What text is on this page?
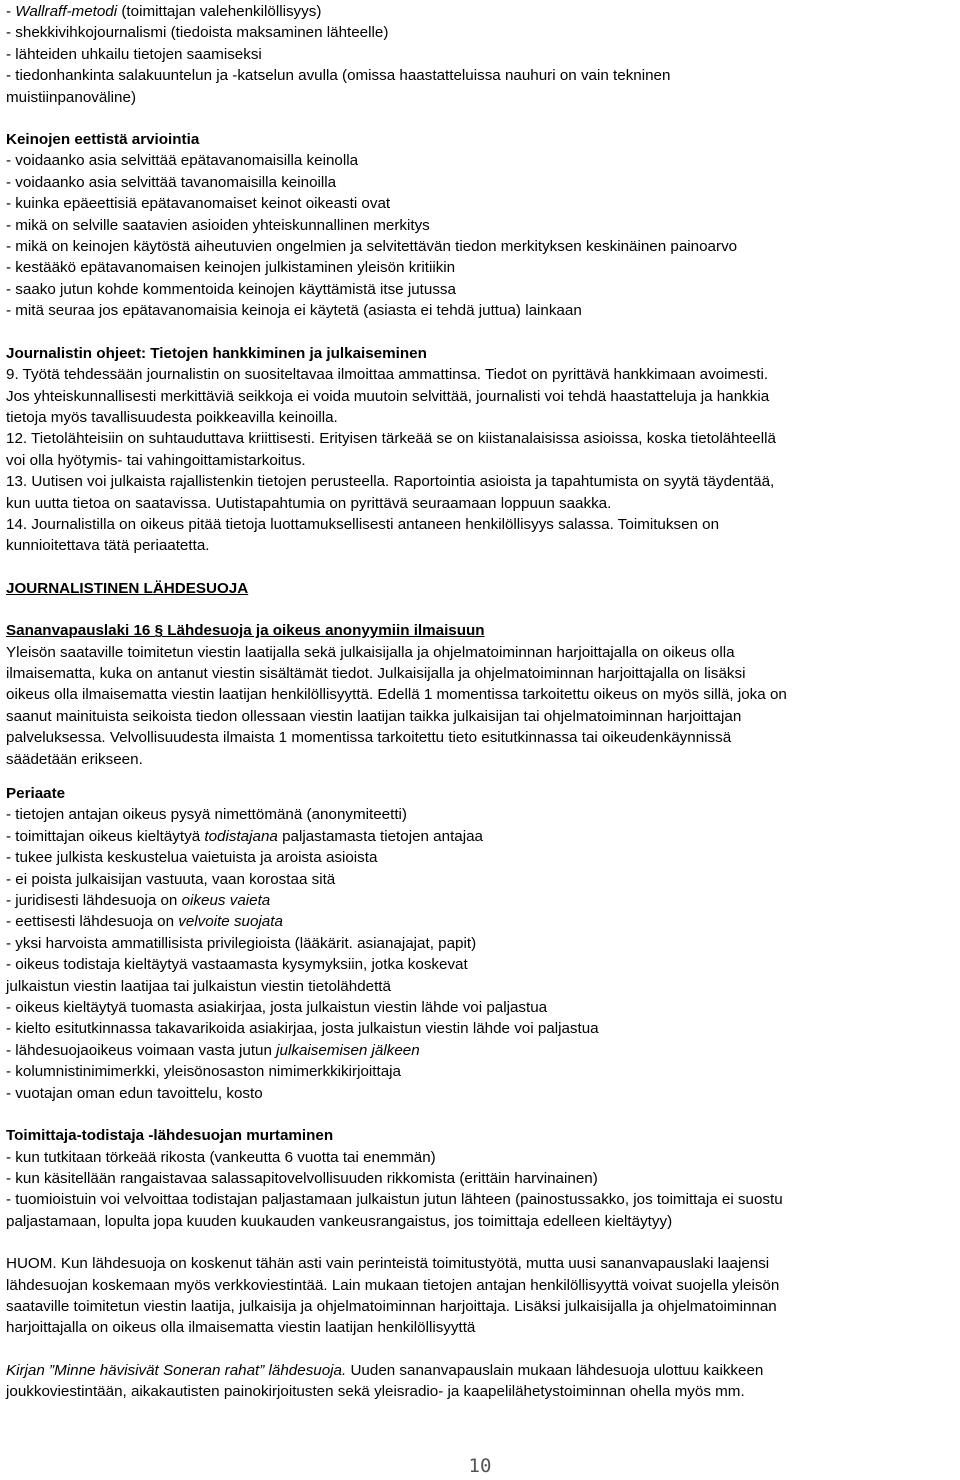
- Wallraff-metodi (toimittajan valehenkilöllisyys)

- shekkivihkojournalismi (tiedoista maksaminen lähteelle)

- lähteiden uhkailu tietojen saamiseksi

- tiedonhankinta salakuuntelun ja -katselun avulla (omissa haastatteluissa nauhuri on vain tekninen

muistiinpanoväline)

Keinojen eettistä arviointia

- voidaanko asia selvittää epätavanomaisilla keinolla

- voidaanko asia selvittää tavanomaisilla keinoilla

- kuinka epäeettisiä epätavanomaiset keinot oikeasti ovat

- mikä on selville saatavien asioiden yhteiskunnallinen merkitys

- mikä on keinojen käytöstä aiheutuvien ongelmien ja selvitettävän tiedon merkityksen keskinäinen painoarvo

- kestääkö epätavanomaisen keinojen julkistaminen yleisön kritiikin

- saako jutun kohde kommentoida keinojen käyttämistä itse jutussa

- mitä seuraa jos epätavanomaisia keinoja ei käytetä (asiasta ei tehdä juttua) lainkaan

Journalistin ohjeet: Tietojen hankkiminen ja julkaiseminen

9. Työtä tehdessään journalistin on suositeltavaa ilmoittaa ammattinsa. Tiedot on pyrittävä hankkimaan avoimesti.

Jos yhteiskunnallisesti merkittäviä seikkoja ei voida muutoin selvittää, journalisti voi tehdä haastatteluja ja hankkia

tietoja myös tavallisuudesta poikkeavilla keinoilla.

12. Tietolähteisiin on suhtauduttava kriittisesti. Erityisen tärkeää se on kiistanalaisissa asioissa, koska tietolähteellä

voi olla hyötymis- tai vahingoittamistarkoitus.

13. Uutisen voi julkaista rajallistenkin tietojen perusteella. Raportointia asioista ja tapahtumista on syytä täydentää,

kun uutta tietoa on saatavissa. Uutistapahtumia on pyrittävä seuraamaan loppuun saakka.

14. Journalistilla on oikeus pitää tietoja luottamuksellisesti antaneen henkilöllisyys salassa. Toimituksen on

kunnioitettava tätä periaatetta.

JOURNALISTINEN LÄHDESUOJA

Sananvapauslaki 16 § Lähdesuoja ja oikeus anonyymiin ilmaisuun

Yleisön saataville toimitetun viestin laatijalla sekä julkaisijalla ja ohjelmatoiminnan harjoittajalla on oikeus olla

ilmaisematta, kuka on antanut viestin sisältämät tiedot. Julkaisijalla ja ohjelmatoiminnan harjoittajalla on lisäksi

oikeus olla ilmaisematta viestin laatijan henkilöllisyyttä. Edellä 1 momentissa tarkoitettu oikeus on myös sillä, joka on

saanut mainituista seikoista tiedon ollessaan viestin laatijan taikka julkaisijan tai ohjelmatoiminnan harjoittajan

palveluksessa. Velvollisuudesta ilmaista 1 momentissa tarkoitettu tieto esitutkinnassa tai oikeudenkäynnissä

säädetään erikseen.

Periaate

- tietojen antajan oikeus pysyä nimettömänä (anonymiteetti)

- toimittajan oikeus kieltäytyä todistajana paljastamasta tietojen antajaa

- tukee julkista keskustelua vaietuista ja aroista asioista

- ei poista julkaisijan vastuuta, vaan korostaa sitä

- juridisesti lähdesuoja on oikeus vaieta

- eettisesti lähdesuoja on velvoite suojata

- yksi harvoista ammatillisista privilegioista (lääkärit. asianajajat, papit)

- oikeus todistaja kieltäytyä vastaamasta kysymyksiin, jotka koskevat

julkaistun viestin laatijaa tai julkaistun viestin tietolähdettä

- oikeus kieltäytyä tuomasta asiakirjaa, josta julkaistun viestin lähde voi paljastua

- kielto esitutkinnassa takavarikoida asiakirjaa, josta julkaistun viestin lähde voi paljastua

- lähdesuojaoikeus voimaan vasta jutun julkaisemisen jälkeen

- kolumnistinimimerkki, yleisönosaston nimimerkkikirjoittaja

- vuotajan oman edun tavoittelu, kosto

Toimittaja-todistaja -lähdesuojan murtaminen

- kun tutkitaan törkeää rikosta (vankeutta 6 vuotta tai enemmän)

- kun käsitellään rangaistavaa salassapitovelvollisuuden rikkomista (erittäin harvinainen)

- tuomioistuin voi velvoittaa todistajan paljastamaan julkaistun jutun lähteen (painostussakko, jos toimittaja ei suostu

paljastamaan, lopulta jopa kuuden kuukauden vankeusrangaistus, jos toimittaja edelleen kieltäytyy)

HUOM. Kun lähdesuoja on koskenut tähän asti vain perinteistä toimitustyötä, mutta uusi sananvapauslaki laajensi

lähdesuojan koskemaan myös verkkoviestintää. Lain mukaan tietojen antajan henkilöllisyyttä voivat suojella yleisön

saataville toimitetun viestin laatija, julkaisija ja ohjelmatoiminnan harjoittaja. Lisäksi julkaisijalla ja ohjelmatoiminnan

harjoittajalla on oikeus olla ilmaisematta viestin laatijan henkilöllisyyttä

Kirjan ”Minne hävisivät Soneran rahat” lähdesuoja. Uuden sananvapauslain mukaan lähdesuoja ulottuu kaikkeen

joukkoviestintään, aikakautisten painokirjoitusten sekä yleisradio- ja kaapelilähetystoiminnan ohella myös mm.

10
